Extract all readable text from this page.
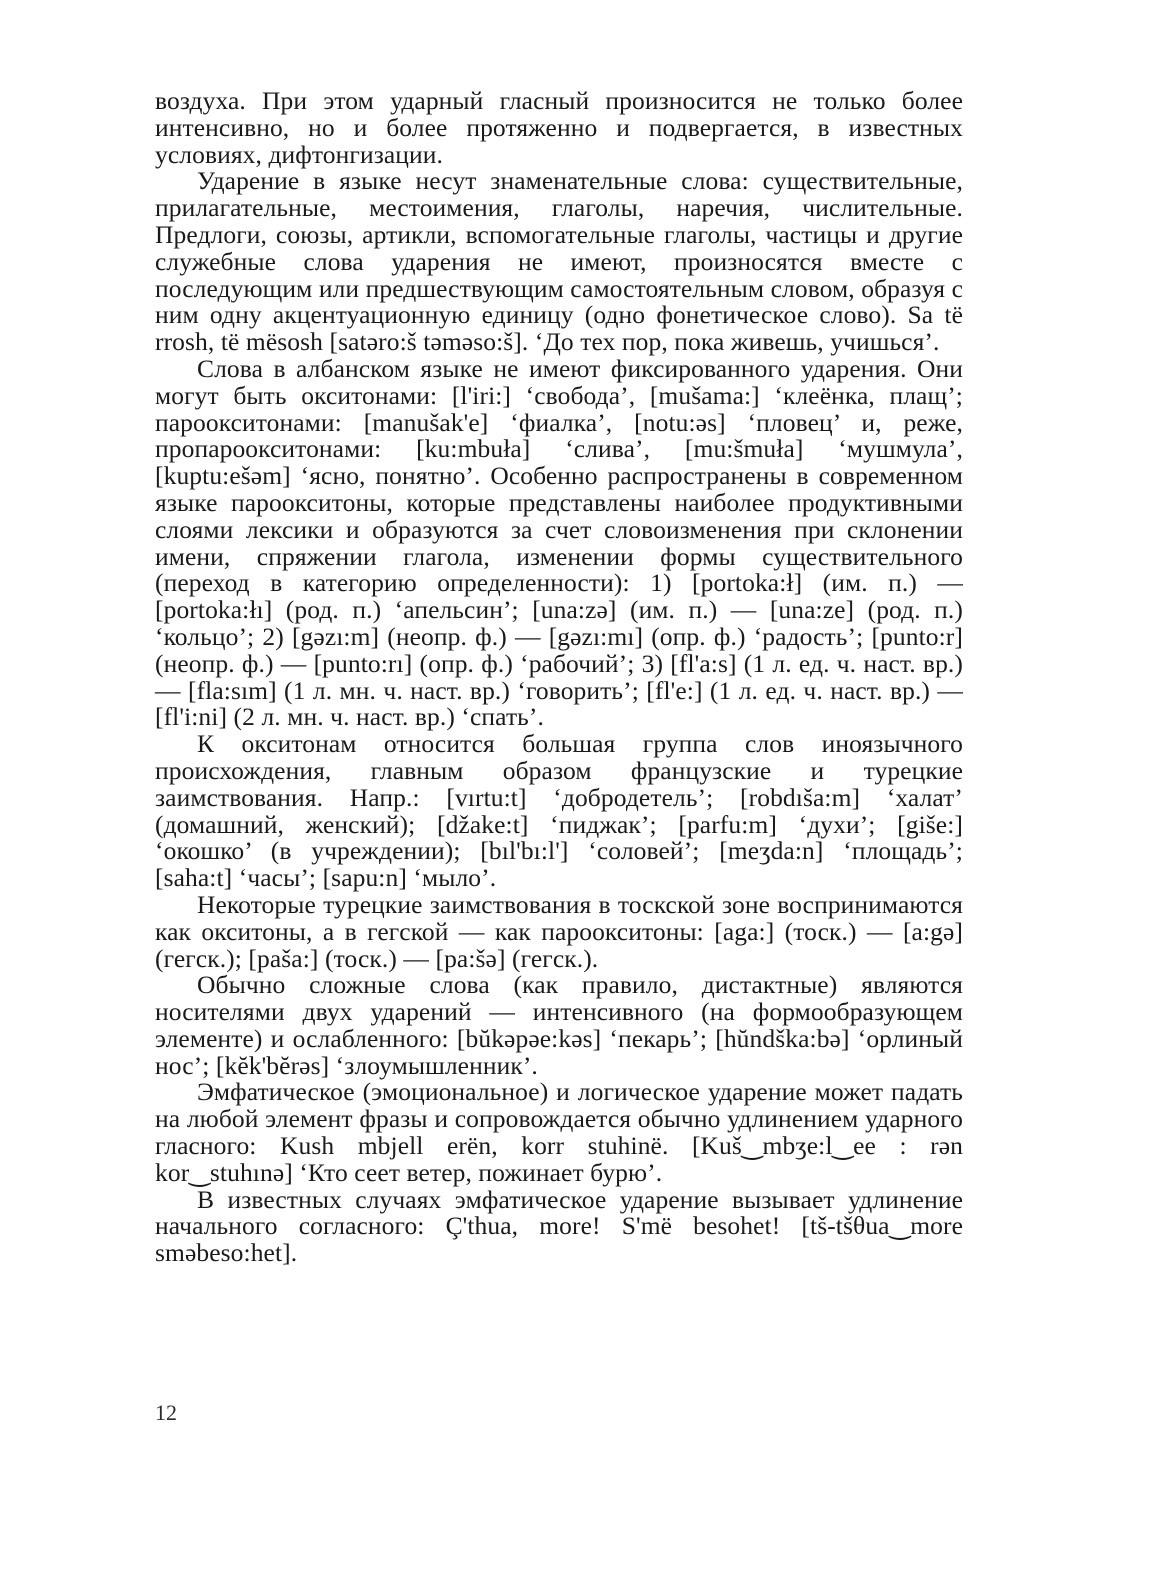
воздуха. При этом ударный гласный произносится не только более интенсивно, но и более протяженно и подвергается, в известных условиях, дифтонгизации.

Ударение в языке несут знаменательные слова: существительные, прилагательные, местоимения, глаголы, наречия, числительные. Предлоги, союзы, артикли, вспомогательные глаголы, частицы и другие служебные слова ударения не имеют, произносятся вместе с последующим или предшествующим самостоятельным словом, образуя с ним одну акцентуационную единицу (одно фонетическое слово). Sa të rrosh, të mësosh [satəro:š təməso:š]. ‘До тех пор, пока живешь, учишься’.

Слова в албанском языке не имеют фиксированного ударения. Они могут быть окситонами: [l'iri:] ‘свобода’, [mušama:] ‘клеёнка, плащ’; пароокситонами: [manušak'e] ‘фиалка’, [notu:əs] ‘пловец’ и, реже, пропароокситонами: [ku:mbuła] ‘слива’, [mu:šmuła] ‘мушмула’, [kuptu:ešəm] ‘ясно, понятно’. Особенно распространены в современном языке пароокситоны, которые представлены наиболее продуктивными слоями лексики и образуются за счет словоизменения при склонении имени, спряжении глагола, изменении формы существительного (переход в категорию определенности): 1) [portoka:ł] (им. п.) — [portoka:łı] (род. п.) ‘апельсин’; [una:zə] (им. п.) — [una:ze] (род. п.) ‘кольцо’; 2) [gəzı:m] (неопр. ф.) — [gəzı:mı] (опр. ф.) ‘радость’; [punto:r] (неопр. ф.) — [punto:rı] (опр. ф.) ‘рабочий’; 3) [fl'a:s] (1 л. ед. ч. наст. вр.) — [fla:sım] (1 л. мн. ч. наст. вр.) ‘говорить’; [fl'e:] (1 л. ед. ч. наст. вр.) — [fl'i:ni] (2 л. мн. ч. наст. вр.) ‘спать’.

К окситонам относится большая группа слов иноязычного происхождения, главным образом французские и турецкие заимствования. Напр.: [vırtu:t] ‘добродетель’; [robdıša:m] ‘халат’ (домашний, женский); [džake:t] ‘пиджак’; [parfu:m] ‘духи’; [giše:] ‘окошко’ (в учреждении); [bıl'bı:l'] ‘соловей’; [meʒda:n] ‘площадь’; [saha:t] ‘часы’; [sapu:n] ‘мыло’.

Некоторые турецкие заимствования в тоскской зоне воспринимаются как окситоны, а в гегской — как пароокситоны: [aga:] (тоск.) — [a:gə] (гегск.); [paša:] (тоск.) — [pa:šə] (гегск.).

Обычно сложные слова (как правило, дистактные) являются носителями двух ударений — интенсивного (на формообразующем элементе) и ослабленного: [bŭkəpəe:kəs] ‘пекарь’; [hŭndška:bə] ‘орлиный нос’; [kĕk'bĕrəs] ‘злоумышленник’.

Эмфатическое (эмоциональное) и логическое ударение может падать на любой элемент фразы и сопровождается обычно удлинением ударного гласного: Kush mbjell erën, korr stuhinë. [Kuš‿mbʒe:l‿ee : rən kor‿stuhınə] ‘Кто сеет ветер, пожинает бурю’.

В известных случаях эмфатическое ударение вызывает удлинение начального согласного: Ç'thua, more! S'më besohet! [tš-tšθua‿more sməbeso:het].

12
